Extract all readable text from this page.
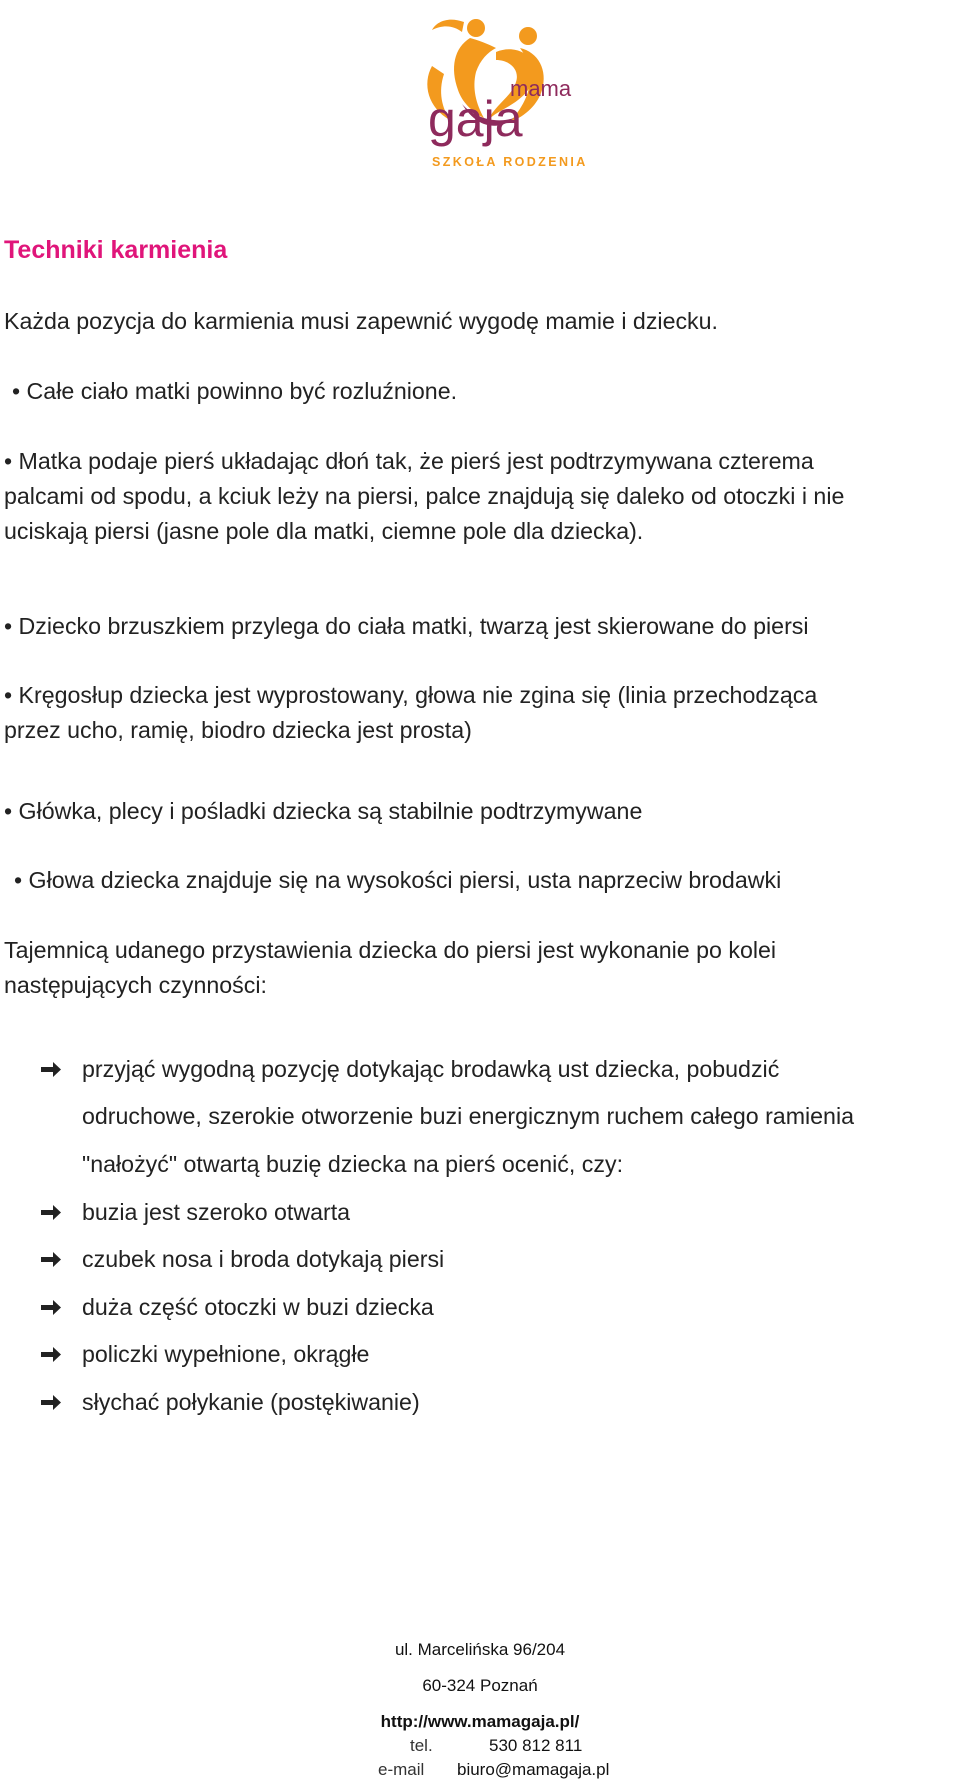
mama
gaja
SZKOŁA RODZENIA
Techniki karmienia
Każda pozycja do karmienia musi zapewnić wygodę mamie i dziecku.
• Całe ciało matki powinno być rozluźnione.
• Matka podaje pierś układając dłoń tak, że pierś jest podtrzymywana czterema
palcami od spodu, a kciuk leży na piersi, palce znajdują się daleko od otoczki i nie
uciskają piersi (jasne pole dla matki, ciemne pole dla dziecka).
• Dziecko brzuszkiem przylega do ciała matki, twarzą jest skierowane do piersi
• Kręgosłup dziecka jest wyprostowany, głowa nie zgina się (linia przechodząca
przez ucho, ramię, biodro dziecka jest prosta)
• Główka, plecy i pośladki dziecka są stabilnie podtrzymywane
• Głowa dziecka znajduje się na wysokości piersi, usta naprzeciw brodawki
Tajemnicą udanego przystawienia dziecka do piersi jest wykonanie po kolei
następujących czynności:
przyjąć wygodną pozycję dotykając brodawką ust dziecka, pobudzić
odruchowe, szerokie otworzenie buzi energicznym ruchem całego ramienia
"nałożyć" otwartą buzię dziecka na pierś ocenić, czy:
buzia jest szeroko otwarta
czubek nosa i broda dotykają piersi
duża część otoczki w buzi dziecka
policzki wypełnione, okrągłe
słychać połykanie (postękiwanie)
ul. Marcelińska 96/204
60-324 Poznań
http://www.mamagaja.pl/
tel.	530 812 811
e-mail biuro@mamagaja.pl
